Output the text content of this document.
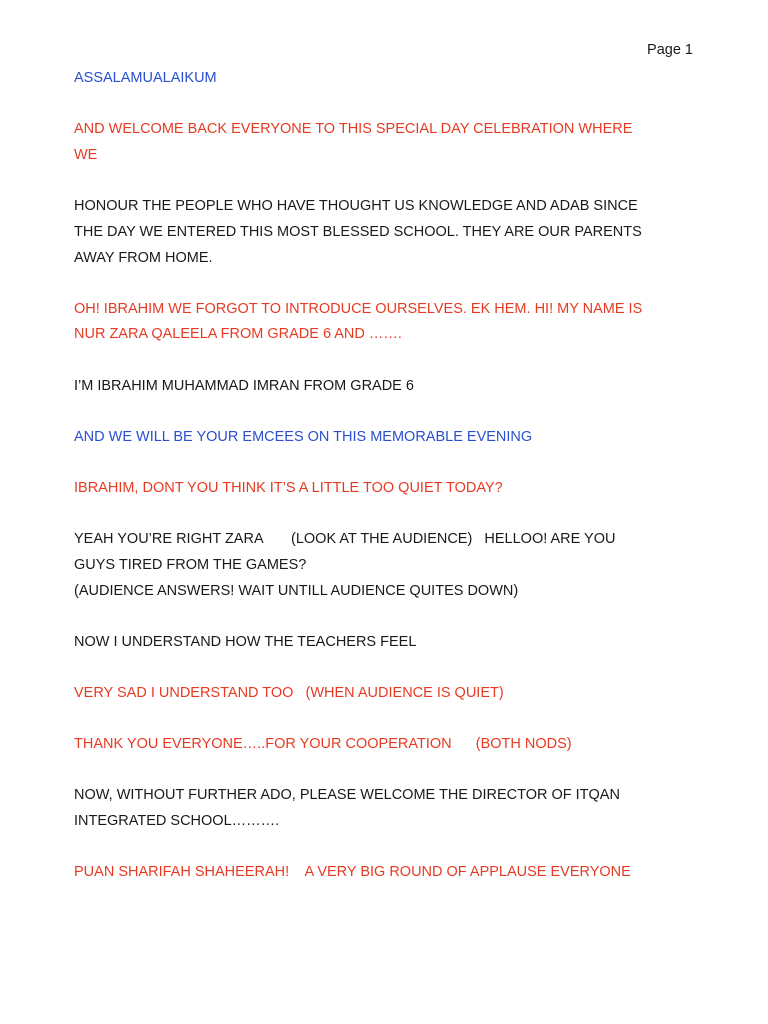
Page 1

ASSALAMUALAIKUM

AND WELCOME BACK EVERYONE TO THIS SPECIAL DAY CELEBRATION WHERE
WE

HONOUR THE PEOPLE WHO HAVE THOUGHT US KNOWLEDGE AND ADAB SINCE
THE DAY WE ENTERED THIS MOST BLESSED SCHOOL. THEY ARE OUR PARENTS
AWAY FROM HOME.

OH! IBRAHIM WE FORGOT TO INTRODUCE OURSELVES. EK HEM. HI! MY NAME IS
NUR ZARA QALEELA FROM GRADE 6 AND …….

I’M IBRAHIM MUHAMMAD IMRAN FROM GRADE 6

AND WE WILL BE YOUR EMCEES ON THIS MEMORABLE EVENING

IBRAHIM, DONT YOU THINK IT’S A LITTLE TOO QUIET TODAY?

YEAH YOU’RE RIGHT ZARA       (LOOK AT THE AUDIENCE)   HELLOO! ARE YOU
GUYS TIRED FROM THE GAMES?
(AUDIENCE ANSWERS! WAIT UNTILL AUDIENCE QUITES DOWN)

NOW I UNDERSTAND HOW THE TEACHERS FEEL

VERY SAD I UNDERSTAND TOO   (WHEN AUDIENCE IS QUIET)

THANK YOU EVERYONE…..FOR YOUR COOPERATION      (BOTH NODS)

NOW, WITHOUT FURTHER ADO, PLEASE WELCOME THE DIRECTOR OF ITQAN
INTEGRATED SCHOOL……….

PUAN SHARIFAH SHAHEERAH!    A VERY BIG ROUND OF APPLAUSE EVERYONE
